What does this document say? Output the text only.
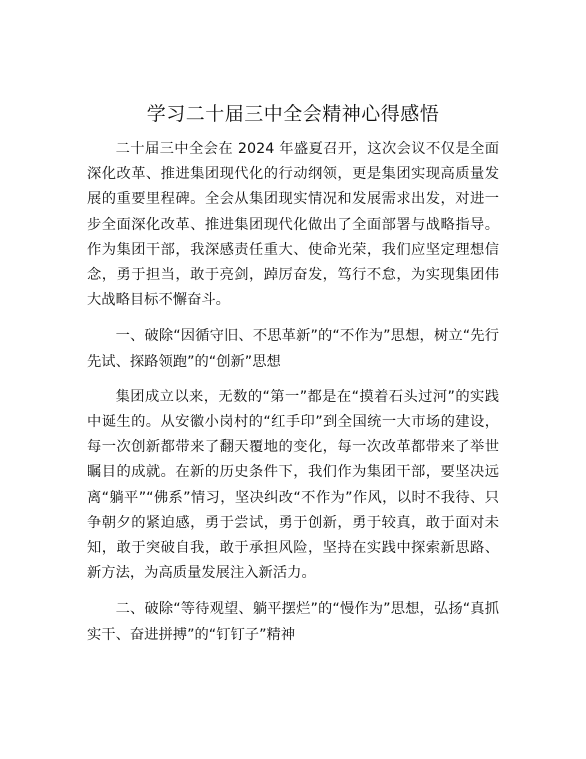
学习二十届三中全会精神心得感悟

二十届三中全会在 2024 年盛夏召开，这次会议不仅是全面深化改革、推进集团现代化的行动纲领，更是集团实现高质量发展的重要里程碑。全会从集团现实情况和发展需求出发，对进一步全面深化改革、推进集团现代化做出了全面部署与战略指导。作为集团干部，我深感责任重大、使命光荣，我们应坚定理想信念，勇于担当，敢于亮剑，踔厉奋发，笃行不怠，为实现集团伟大战略目标不懈奋斗。

一、破除“因循守旧、不思革新”的“不作为”思想，树立“先行先试、探路领跑”的“创新”思想

集团成立以来，无数的“第一”都是在“摸着石头过河”的实践中诞生的。从安徽小岗村的“红手印”到全国统一大市场的建设，每一次创新都带来了翻天覆地的变化，每一次改革都带来了举世瞩目的成就。在新的历史条件下，我们作为集团干部，要坚决远离“躺平”“佛系”情习，坚决纠改“不作为”作风，以时不我待、只争朝夕的紧迫感，勇于尝试，勇于创新，勇于较真，敢于面对未知，敢于突破自我，敢于承担风险，坚持在实践中探索新思路、新方法，为高质量发展注入新活力。

二、破除“等待观望、躺平摆烂”的“慢作为”思想，弘扬“真抓实干、奋进拼搏”的“钉钉子”精神
